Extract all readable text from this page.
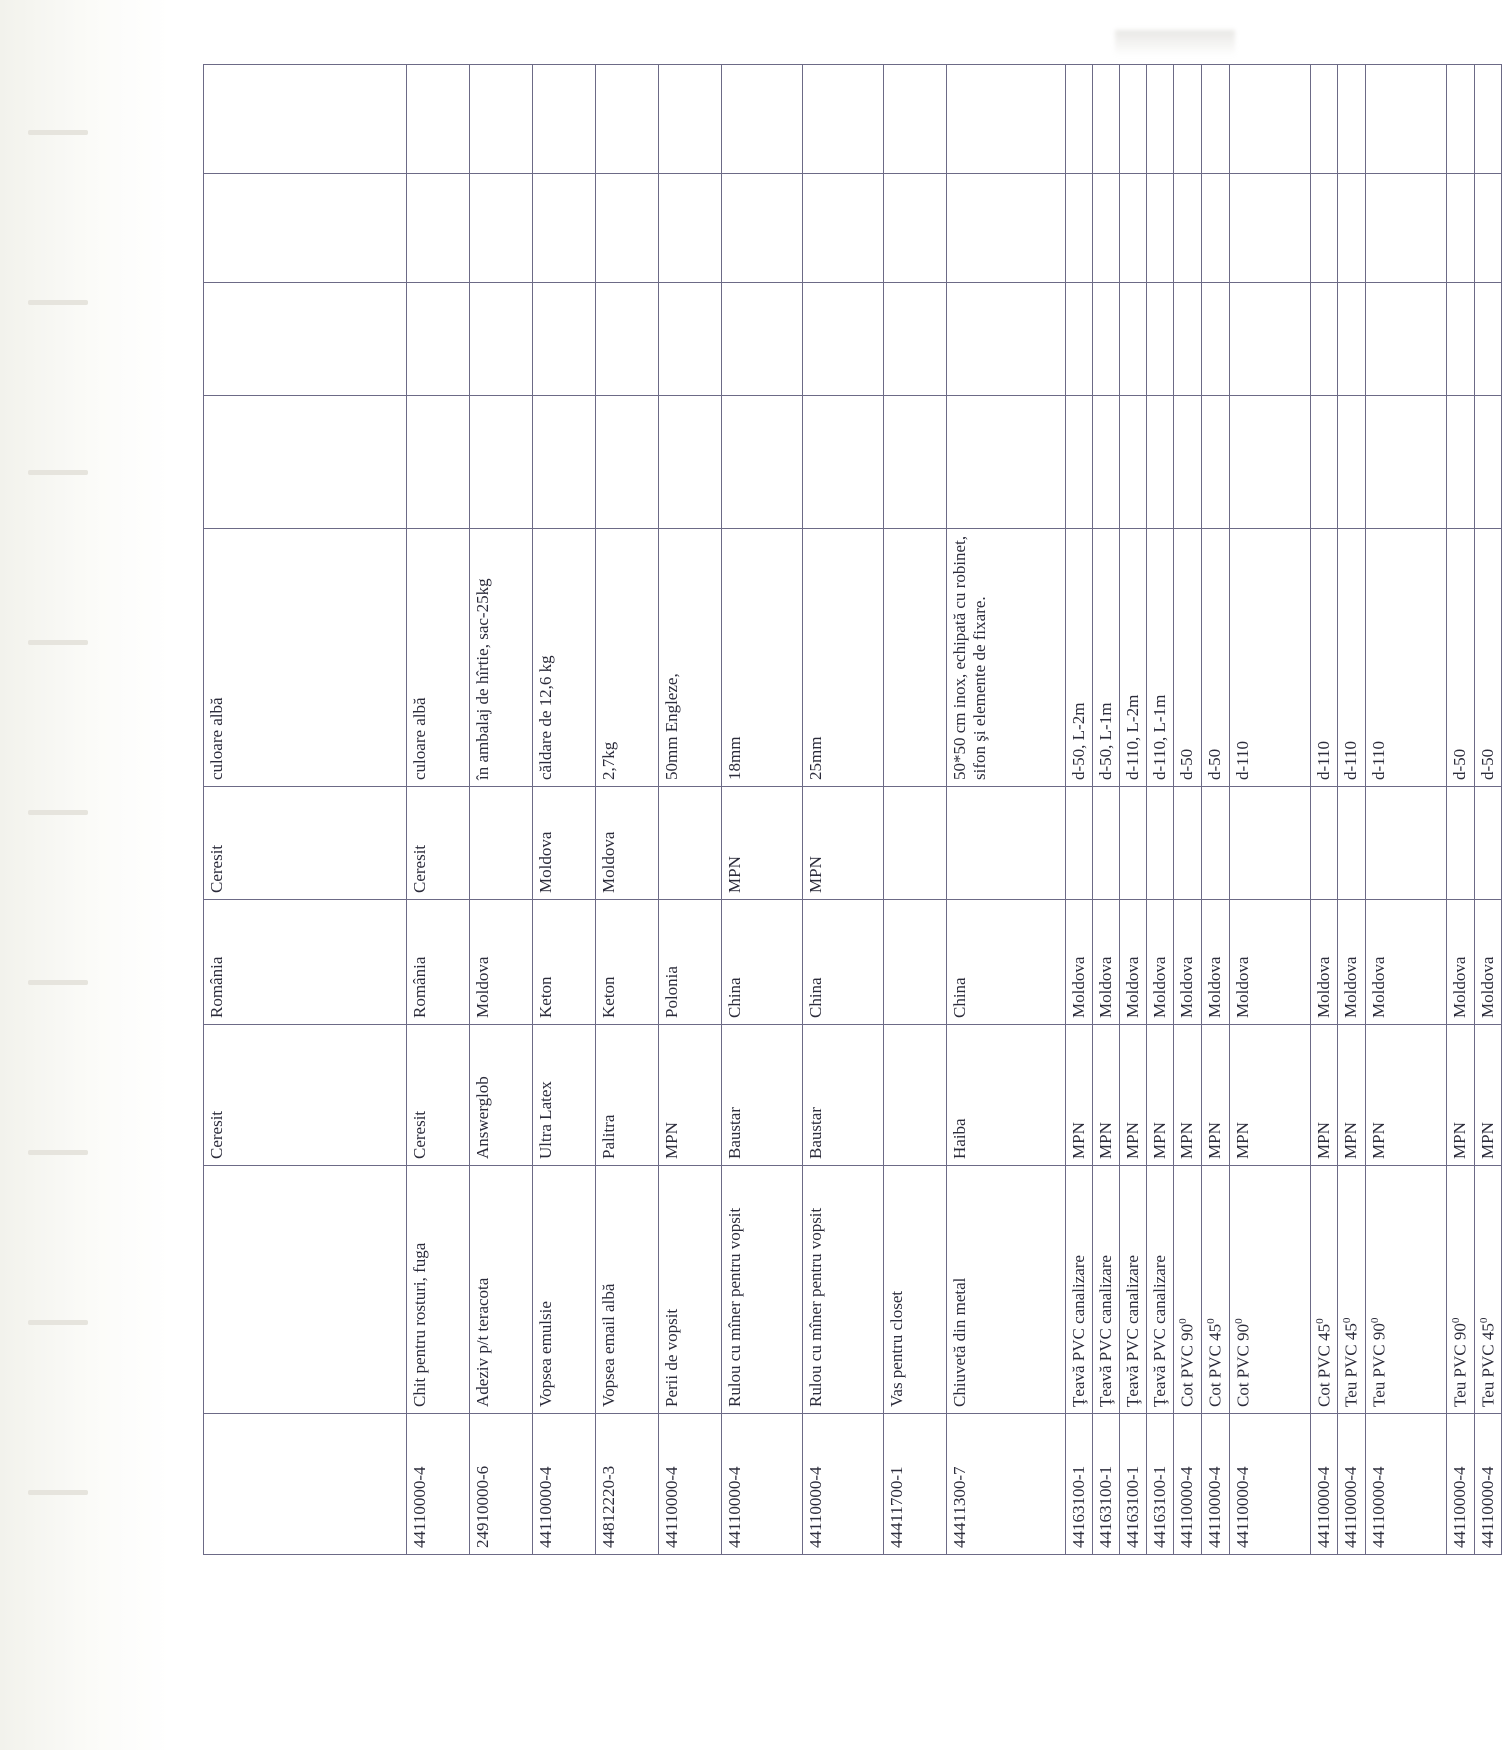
		Ceresit	România	Ceresit	culoare albă				
44110000-4	Chit pentru rosturi, fuga	Ceresit	România	Ceresit	culoare albă				
24910000-6	Adeziv p/t teracota	Answerglob	Moldova		în ambalaj de hîrtie, sac-25kg				
44110000-4	Vopsea emulsie	Ultra Latex	Keton	Moldova	căldare de 12,6 kg				
44812220-3	Vopsea email albă	Palitra	Keton	Moldova	2,7kg				
44110000-4	Perii de vopsit	MPN	Polonia		50mm Engleze,				
44110000-4	Rulou cu mîner pentru vopsit	Baustar	China	MPN	18mm				
44110000-4	Rulou cu mîner pentru vopsit	Baustar	China	MPN	25mm				
44411700-1	Vas pentru closet								
44411300-7	Chiuvetă din metal	Haiba	China		50*50 cm inox, echipată cu robinet, sifon şi elemente de fixare.				
44163100-1	Ţeavă PVC canalizare	MPN	Moldova		d-50, L-2m				
44163100-1	Ţeavă PVC canalizare	MPN	Moldova		d-50, L-1m				
44163100-1	Ţeavă PVC canalizare	MPN	Moldova		d-110, L-2m				
44163100-1	Ţeavă PVC canalizare	MPN	Moldova		d-110, L-1m				
44110000-4	Cot PVC $90^0$	MPN	Moldova		d-50				
44110000-4	Cot PVC $45^0$	MPN	Moldova		d-50				
44110000-4	Cot PVC $90^0$	MPN	Moldova		d-110				
44110000-4	Cot PVC $45^0$	MPN	Moldova		d-110				
44110000-4	Teu PVC $45^0$	MPN	Moldova		d-110				
44110000-4	Teu PVC $90^0$	MPN	Moldova		d-110				
44110000-4	Teu PVC $90^0$	MPN	Moldova		d-50				
44110000-4	Teu PVC $45^0$	MPN	Moldova		d-50				
